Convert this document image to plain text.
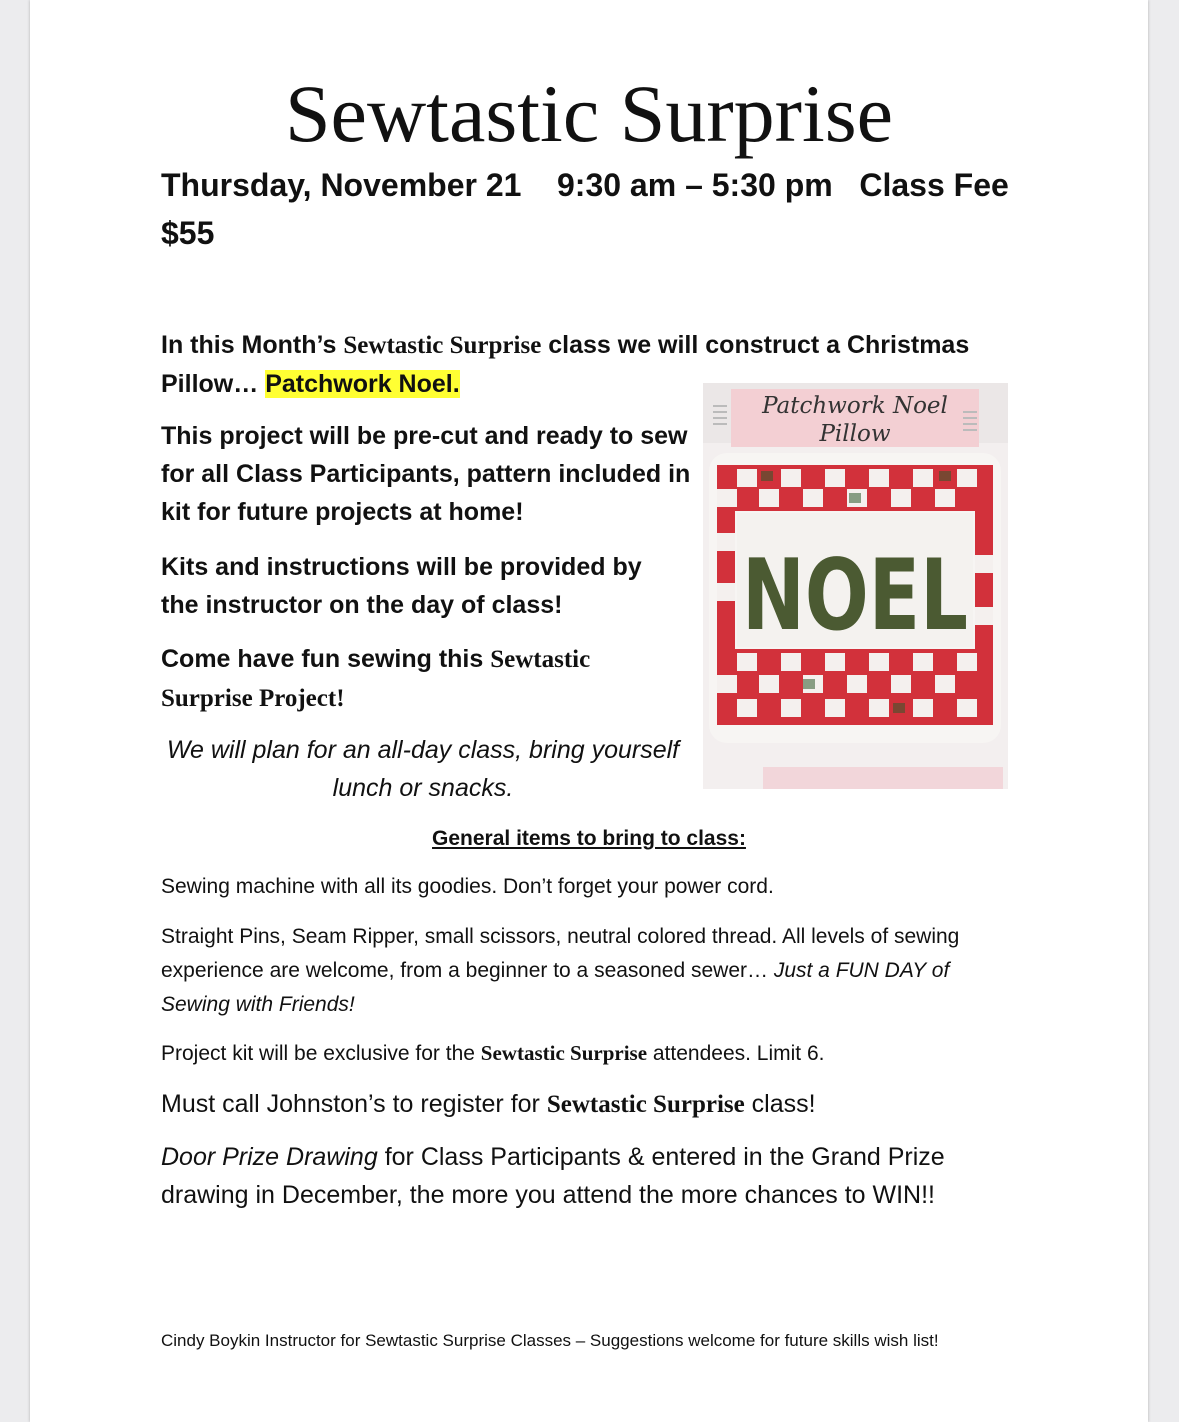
Sewtastic Surprise
Thursday, November 21 9:30 am – 5:30 pm Class Fee
$55

In this Month’s Sewtastic Surprise class we will construct a Christmas Pillow… Patchwork Noel.

This project will be pre-cut and ready to sew for all Class Participants, pattern included in kit for future projects at home!

Kits and instructions will be provided by the instructor on the day of class!

Come have fun sewing this Sewtastic Surprise Project!

We will plan for an all-day class, bring yourself lunch or snacks.

Patchwork Noel
Pillow
NOEL
General items to bring to class:

Sewing machine with all its goodies. Don’t forget your power cord.

Straight Pins, Seam Ripper, small scissors, neutral colored thread. All levels of sewing experience are welcome, from a beginner to a seasoned sewer… Just a FUN DAY of Sewing with Friends!

Project kit will be exclusive for the Sewtastic Surprise attendees. Limit 6.

Must call Johnston’s to register for Sewtastic Surprise class!

Door Prize Drawing for Class Participants & entered in the Grand Prize drawing in December, the more you attend the more chances to WIN!!

Cindy Boykin Instructor for Sewtastic Surprise Classes – Suggestions welcome for future skills wish list!
